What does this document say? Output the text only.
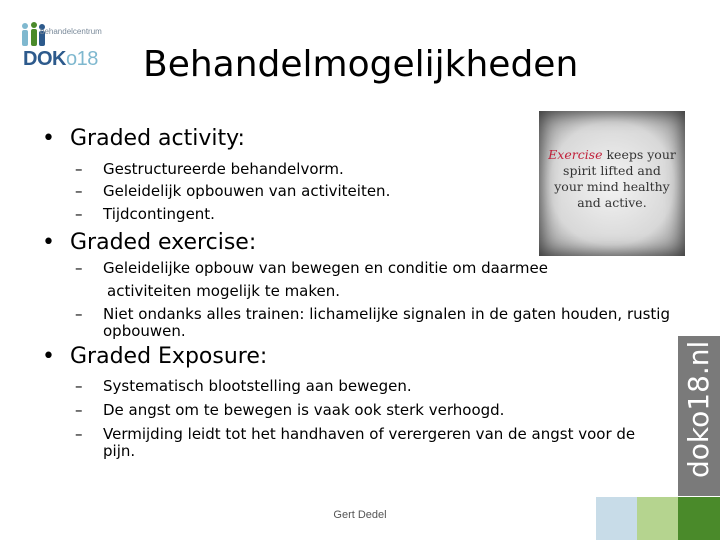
behandelcentrum
DOKo18 Behandelmogelijkheden
• Graded activity:
– Gestructureerde behandelvorm.
– Geleidelijk opbouwen van activiteiten.
– Tijdcontingent.
• Graded exercise:
– Geleidelijke opbouw van bewegen en conditie om daarmee
activiteiten mogelijk te maken.
– Niet ondanks alles trainen: lichamelijke signalen in de gaten houden, rustig
opbouwen.
• Graded Exposure:
– Systematisch blootstelling aan bewegen.
– De angst om te bewegen is vaak ook sterk verhoogd.
– Vermijding leidt tot het handhaven of verergeren van de angst voor de
pijn.
Exercise keeps your
spirit lifted and
your mind healthy
and active.
doko18.nl
Gert Dedel
